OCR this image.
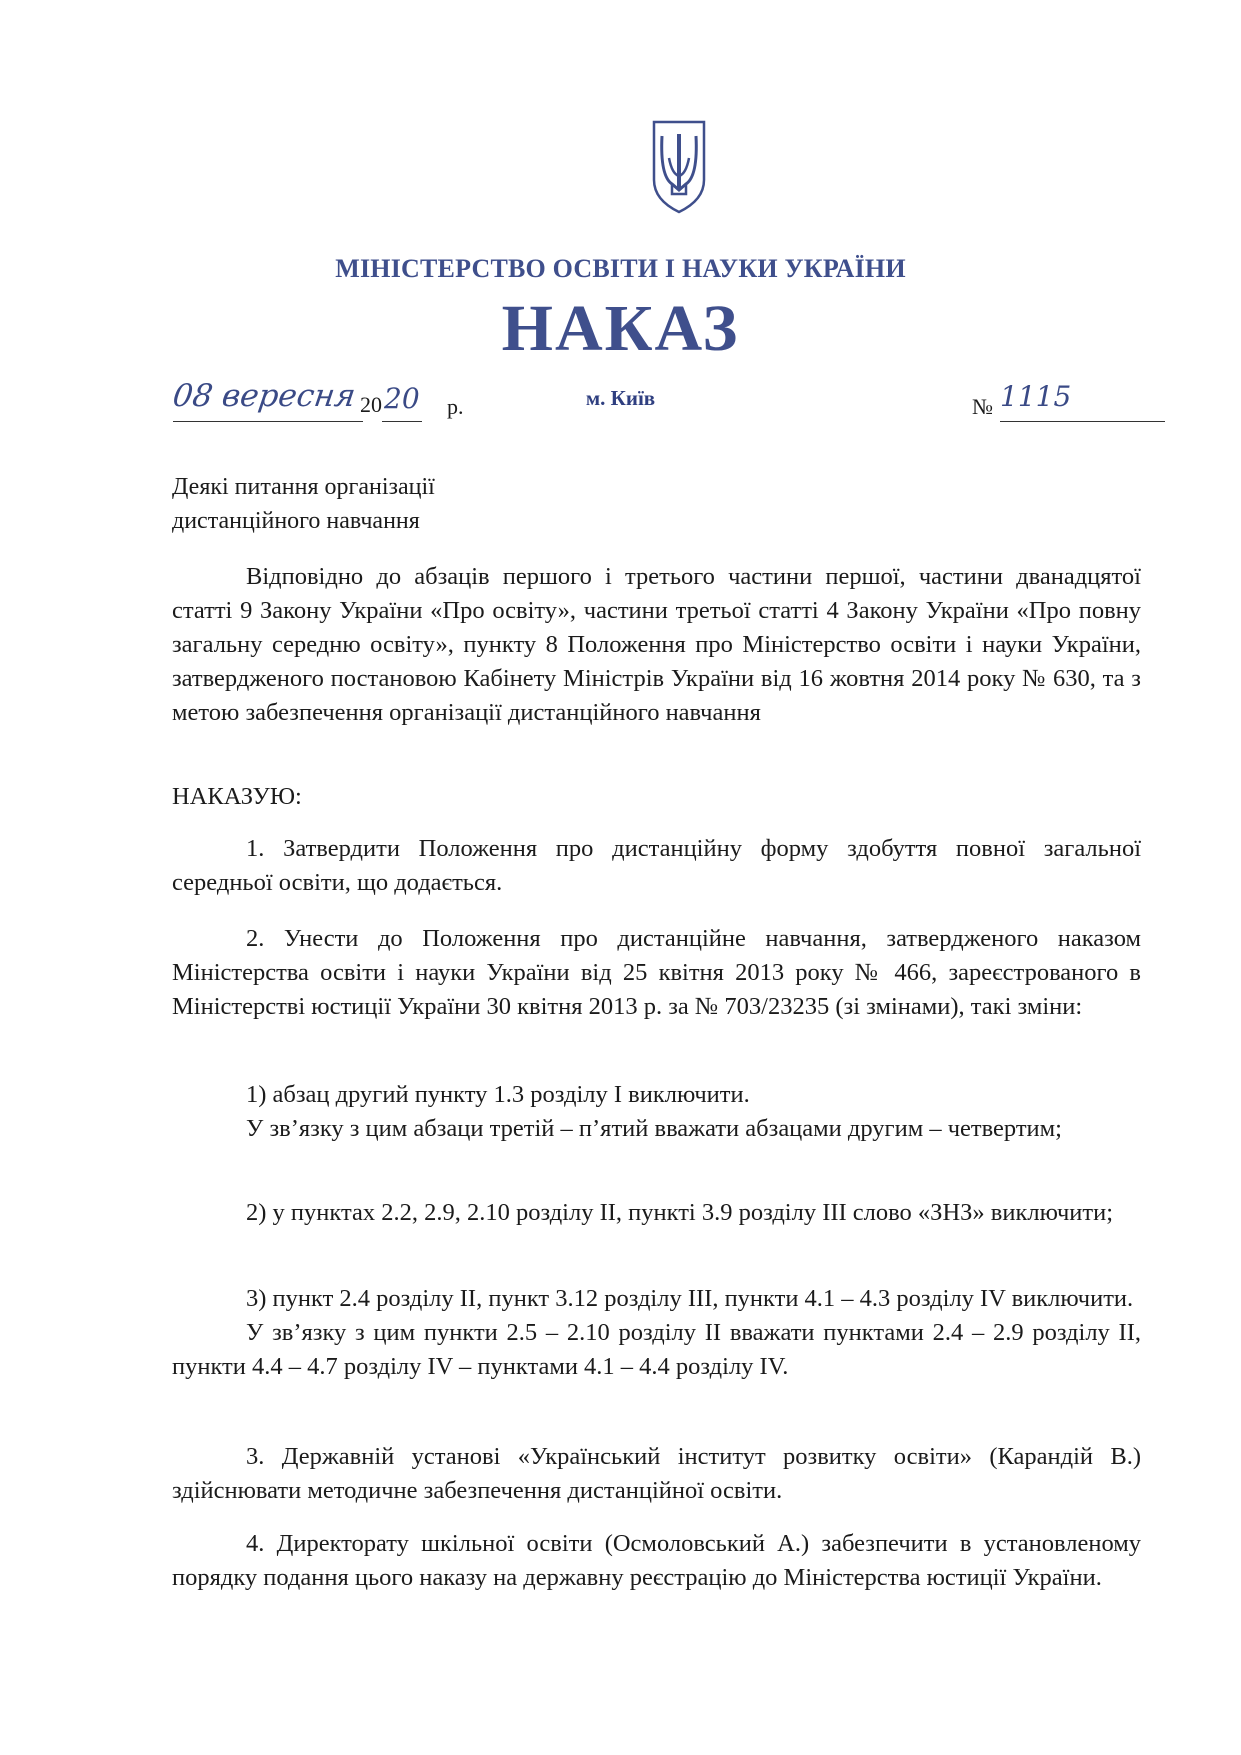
МІНІСТЕРСТВО ОСВІТИ І НАУКИ УКРАЇНИ
НАКАЗ
08 вересня 20 20 р.	м. Київ	№ 1115
Деякі питання організації
дистанційного навчання

Відповідно до абзаців першого і третього частини першої, частини дванадцятої статті 9 Закону України «Про освіту», частини третьої статті 4 Закону України «Про повну загальну середню освіту», пункту 8 Положення про Міністерство освіти і науки України, затвердженого постановою Кабінету Міністрів України від 16 жовтня 2014 року № 630, та з метою забезпечення організації дистанційного навчання

НАКАЗУЮ:

1. Затвердити Положення про дистанційну форму здобуття повної загальної середньої освіти, що додається.

2. Унести до Положення про дистанційне навчання, затвердженого наказом Міністерства освіти і науки України від 25 квітня 2013 року № 466, зареєстрованого в Міністерстві юстиції України 30 квітня 2013 р. за № 703/23235 (зі змінами), такі зміни:

1) абзац другий пункту 1.3 розділу І виключити.

У зв’язку з цим абзаци третій – п’ятий вважати абзацами другим – четвертим;

2) у пунктах 2.2, 2.9, 2.10 розділу ІІ, пункті 3.9 розділу ІІІ слово «ЗНЗ» виключити;

3) пункт 2.4 розділу ІІ, пункт 3.12 розділу ІІІ, пункти 4.1 – 4.3 розділу IV виключити.

У зв’язку з цим пункти 2.5 – 2.10 розділу ІІ вважати пунктами 2.4 – 2.9 розділу ІІ, пункти 4.4 – 4.7 розділу IV – пунктами 4.1 – 4.4 розділу IV.

3. Державній установі «Український інститут розвитку освіти» (Карандій В.) здійснювати методичне забезпечення дистанційної освіти.

4. Директорату шкільної освіти (Осмоловський А.) забезпечити в установленому порядку подання цього наказу на державну реєстрацію до Міністерства юстиції України.
